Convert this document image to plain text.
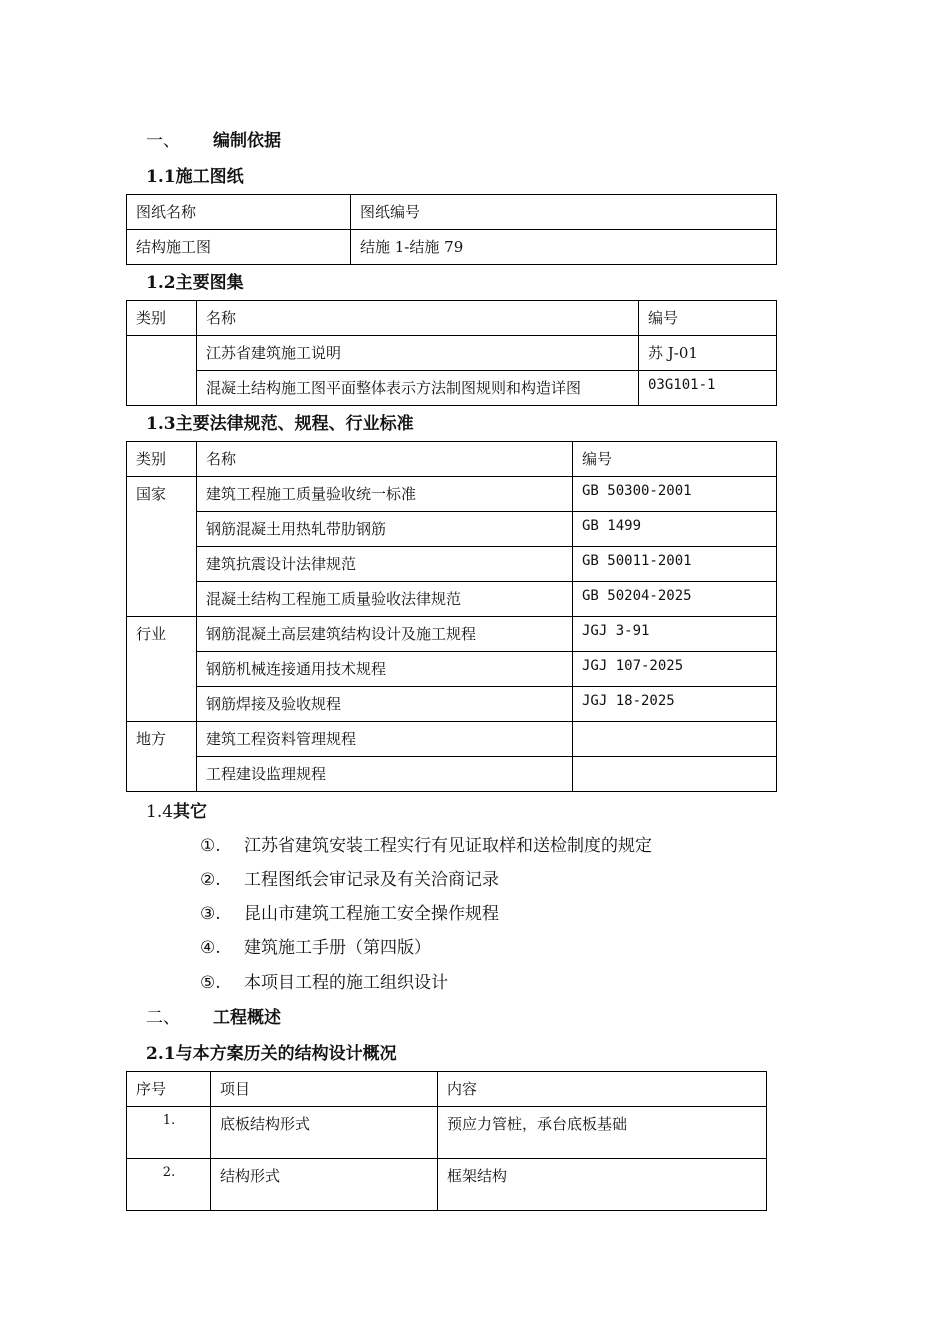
一、 编制依据
1.1施工图纸
图纸名称	图纸编号
结构施工图	结施 1-结施 79
1.2主要图集
类别	名称	编号
	江苏省建筑施工说明	苏 J-01
	混凝土结构施工图平面整体表示方法制图规则和构造详图	03G101-1
1.3主要法律规范、规程、行业标准
类别	名称	编号
国家	建筑工程施工质量验收统一标准	GB 50300-2001
	钢筋混凝土用热轧带肋钢筋	GB 1499
	建筑抗震设计法律规范	GB 50011-2001
	混凝土结构工程施工质量验收法律规范	GB 50204-2025
行业	钢筋混凝土高层建筑结构设计及施工规程	JGJ 3-91
	钢筋机械连接通用技术规程	JGJ 107-2025
	钢筋焊接及验收规程	JGJ 18-2025
地方	建筑工程资料管理规程	
	工程建设监理规程	
1.4其它
①. 江苏省建筑安装工程实行有见证取样和送检制度的规定
②. 工程图纸会审记录及有关洽商记录
③. 昆山市建筑工程施工安全操作规程
④. 建筑施工手册（第四版）
⑤. 本项目工程的施工组织设计
二、 工程概述
2.1与本方案历关的结构设计概况
序号	项目	内容
1.	底板结构形式	预应力管桩，承台底板基础
2.	结构形式	框架结构
